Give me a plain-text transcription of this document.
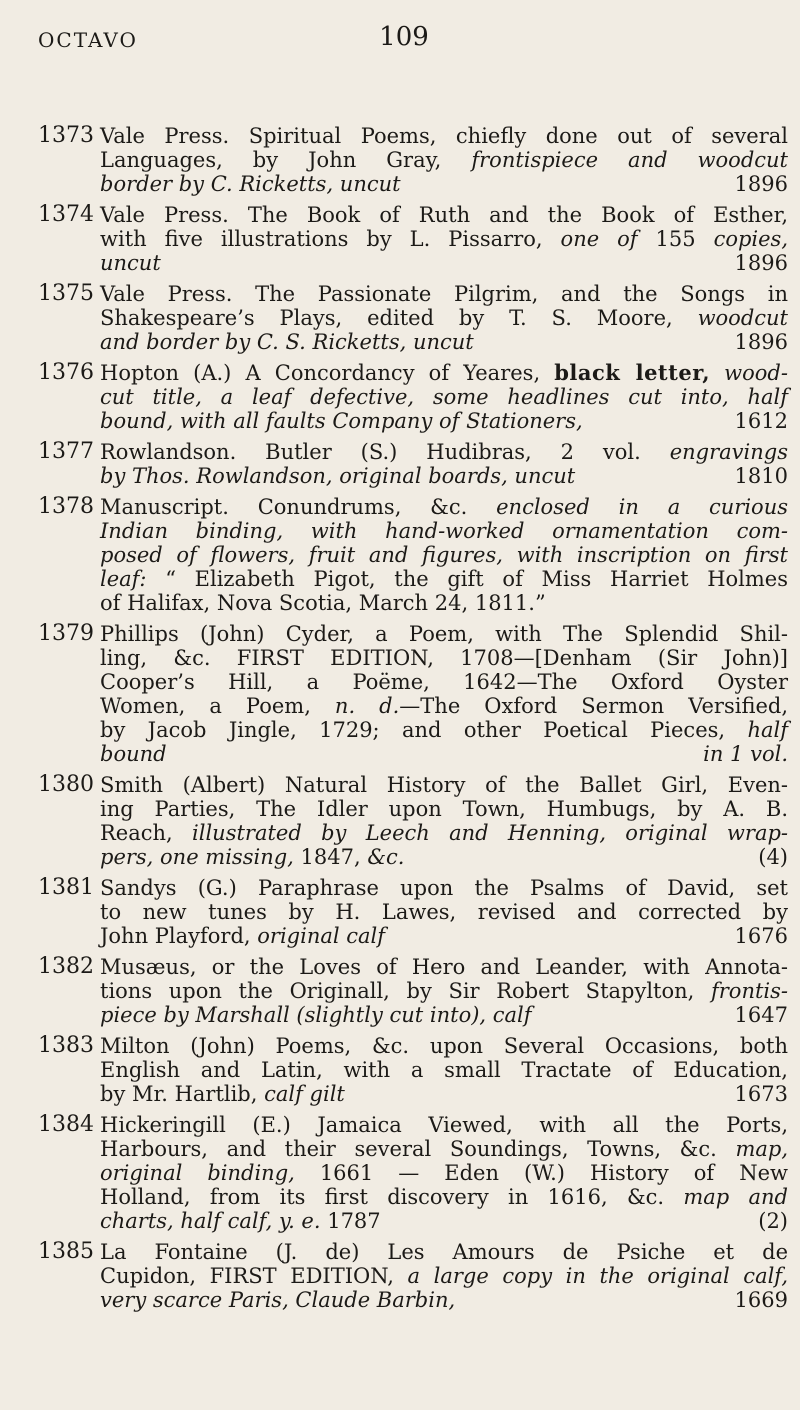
OCTAVO	109
1373 Vale Press. Spiritual Poems, chiefly done out of several
Languages, by John Gray, frontispiece and woodcut
1896
border by C. Ricketts, uncut
1374 Vale Press. The Book of Ruth and the Book of Esther,
with five illustrations by L. Pissarro, one of 155 copies,
1896
uncut
1375 Vale Press. The Passionate Pilgrim, and the Songs in
Shakespeare’s Plays, edited by T. S. Moore, woodcut
1896
and border by C. S. Ricketts, uncut
1376 Hopton (A.) A Concordancy of Yeares, black letter, wood-
cut title, a leaf defective, some headlines cut into, half
1612
bound, with all faults Company of Stationers,
1377 Rowlandson. Butler (S.) Hudibras, 2 vol. engravings
1810
by Thos. Rowlandson, original boards, uncut
1378 Manuscript. Conundrums, &c. enclosed in a curious
Indian binding, with hand-worked ornamentation com-
posed of flowers, fruit and figures, with inscription on first
leaf: “ Elizabeth Pigot, the gift of Miss Harriet Holmes
of Halifax, Nova Scotia, March 24, 1811.”
1379 Phillips (John) Cyder, a Poem, with The Splendid Shil-
ling, &c. FIRST EDITION, 1708—[Denham (Sir John)]
Cooper’s Hill, a Poëme, 1642—The Oxford Oyster
Women, a Poem, n. d.—The Oxford Sermon Versified,
by Jacob Jingle, 1729; and other Poetical Pieces, half
in 1 vol.
bound
1380 Smith (Albert) Natural History of the Ballet Girl, Even-
ing Parties, The Idler upon Town, Humbugs, by A. B.
Reach, illustrated by Leech and Henning, original wrap-
(4)
pers, one missing, 1847, &c.
1381 Sandys (G.) Paraphrase upon the Psalms of David, set
to new tunes by H. Lawes, revised and corrected by
1676
John Playford, original calf
1382 Musæus, or the Loves of Hero and Leander, with Annota-
tions upon the Originall, by Sir Robert Stapylton, frontis-
1647
piece by Marshall (slightly cut into), calf
1383 Milton (John) Poems, &c. upon Several Occasions, both
English and Latin, with a small Tractate of Education,
1673
by Mr. Hartlib, calf gilt
1384 Hickeringill (E.) Jamaica Viewed, with all the Ports,
Harbours, and their several Soundings, Towns, &c. map,
original binding, 1661 — Eden (W.) History of New
Holland, from its first discovery in 1616, &c. map and
(2)
charts, half calf, y. e. 1787
1385 La Fontaine (J. de) Les Amours de Psiche et de
Cupidon, FIRST EDITION, a large copy in the original calf,
1669
very scarce Paris, Claude Barbin,
